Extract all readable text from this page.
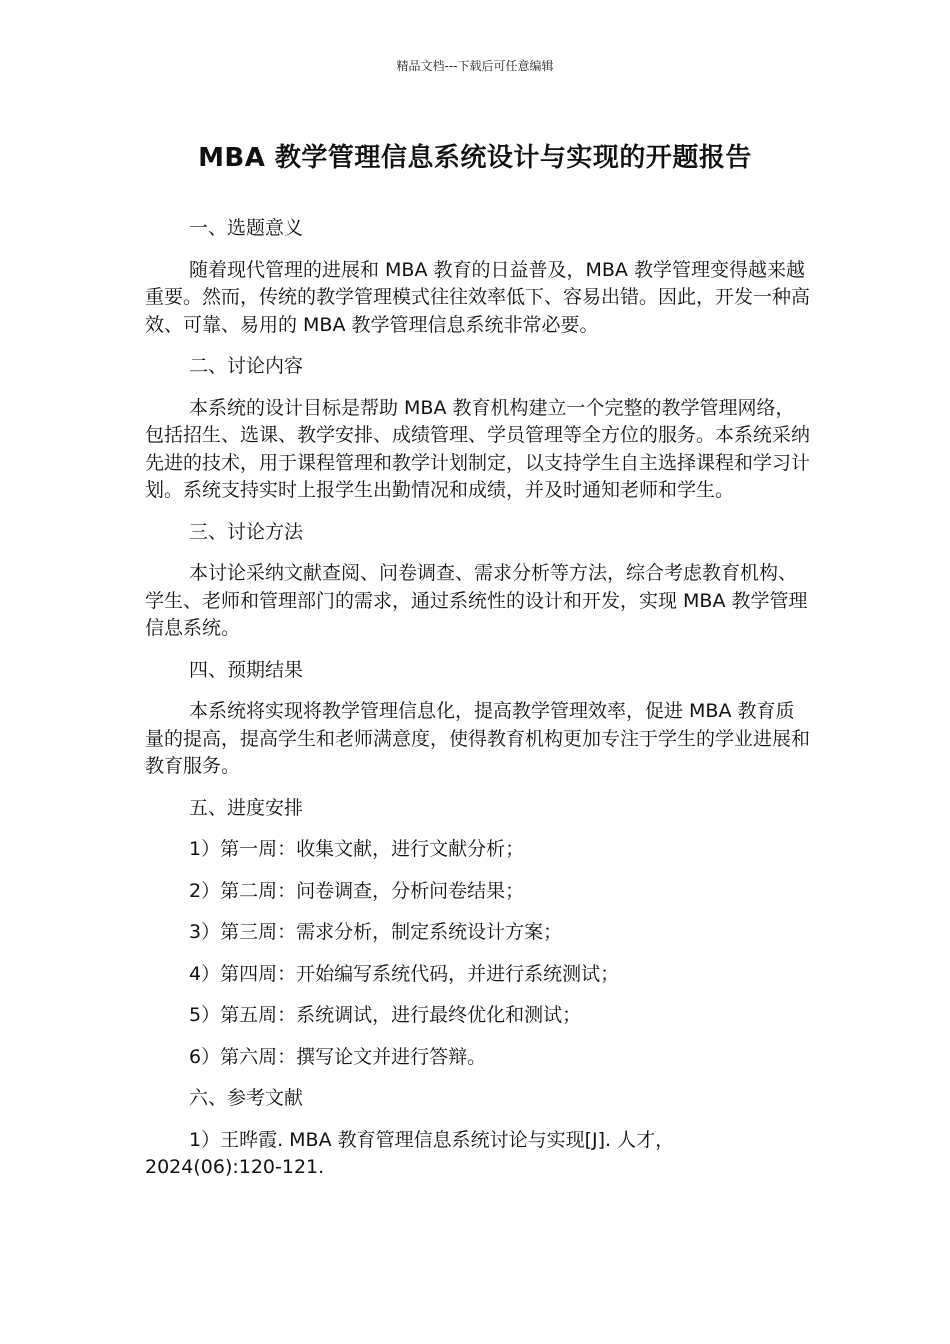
精品文档---下载后可任意编辑
MBA 教学管理信息系统设计与实现的开题报告
一、选题意义

随着现代管理的进展和 MBA 教育的日益普及，MBA 教学管理变得越来越重要。然而，传统的教学管理模式往往效率低下、容易出错。因此，开发一种高效、可靠、易用的 MBA 教学管理信息系统非常必要。

二、讨论内容

本系统的设计目标是帮助 MBA 教育机构建立一个完整的教学管理网络，包括招生、选课、教学安排、成绩管理、学员管理等全方位的服务。本系统采纳先进的技术，用于课程管理和教学计划制定，以支持学生自主选择课程和学习计划。系统支持实时上报学生出勤情况和成绩，并及时通知老师和学生。

三、讨论方法

本讨论采纳文献查阅、问卷调查、需求分析等方法，综合考虑教育机构、学生、老师和管理部门的需求，通过系统性的设计和开发，实现 MBA 教学管理信息系统。

四、预期结果

本系统将实现将教学管理信息化，提高教学管理效率，促进 MBA 教育质量的提高，提高学生和老师满意度，使得教育机构更加专注于学生的学业进展和教育服务。

五、进度安排

1）第一周：收集文献，进行文献分析；

2）第二周：问卷调查，分析问卷结果；

3）第三周：需求分析，制定系统设计方案；

4）第四周：开始编写系统代码，并进行系统测试；

5）第五周：系统调试，进行最终优化和测试；

6）第六周：撰写论文并进行答辩。

六、参考文献

1）王晔霞. MBA 教育管理信息系统讨论与实现[J]. 人才，2024(06):120-121.
